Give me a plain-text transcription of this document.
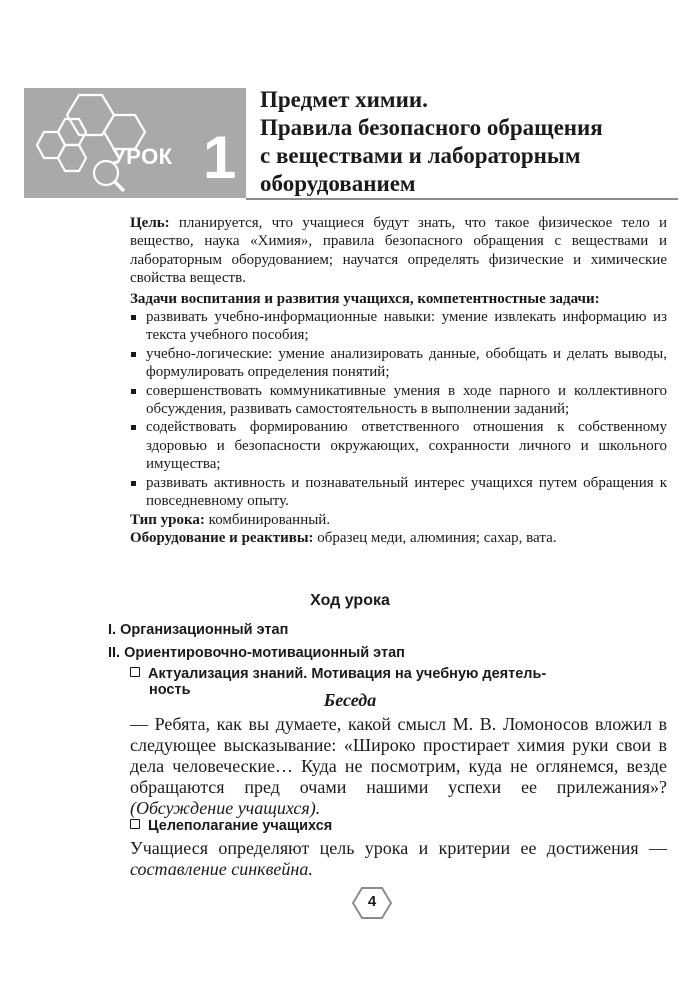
УРОК 1
Предмет химии.
Правила безопасного обращения
с веществами и лабораторным
оборудованием
Цель: планируется, что учащиеся будут знать, что такое физическое тело и вещество, наука «Химия», правила безопасного обращения с веществами и лабораторным оборудованием; научатся определять физические и химические свойства веществ.
Задачи воспитания и развития учащихся, компетентностные задачи:
развивать учебно-информационные навыки: умение извлекать информацию из текста учебного пособия;
учебно-логические: умение анализировать данные, обобщать и делать выводы, формулировать определения понятий;
совершенствовать коммуникативные умения в ходе парного и коллективного обсуждения, развивать самостоятельность в выполнении заданий;
содействовать формированию ответственного отношения к собственному здоровью и безопасности окружающих, сохранности личного и школьного имущества;
развивать активность и познавательный интерес учащихся путем обращения к повседневному опыту.
Тип урока: комбинированный.
Оборудование и реактивы: образец меди, алюминия; сахар, вата.
Ход урока
I. Организационный этап
II. Ориентировочно-мотивационный этап
Актуализация знаний. Мотивация на учебную деятель-
ность	Беседа
— Ребята, как вы думаете, какой смысл М. В. Ломоносов вложил в следующее высказывание: «Широко простирает химия руки свои в дела человеческие… Куда не посмотрим, куда не оглянемся, везде обращаются пред очами нашими успехи ее прилежания»? (Обсуждение учащихся).
Целеполагание учащихся
Учащиеся определяют цель урока и критерии ее достижения — составление синквейна.
4
